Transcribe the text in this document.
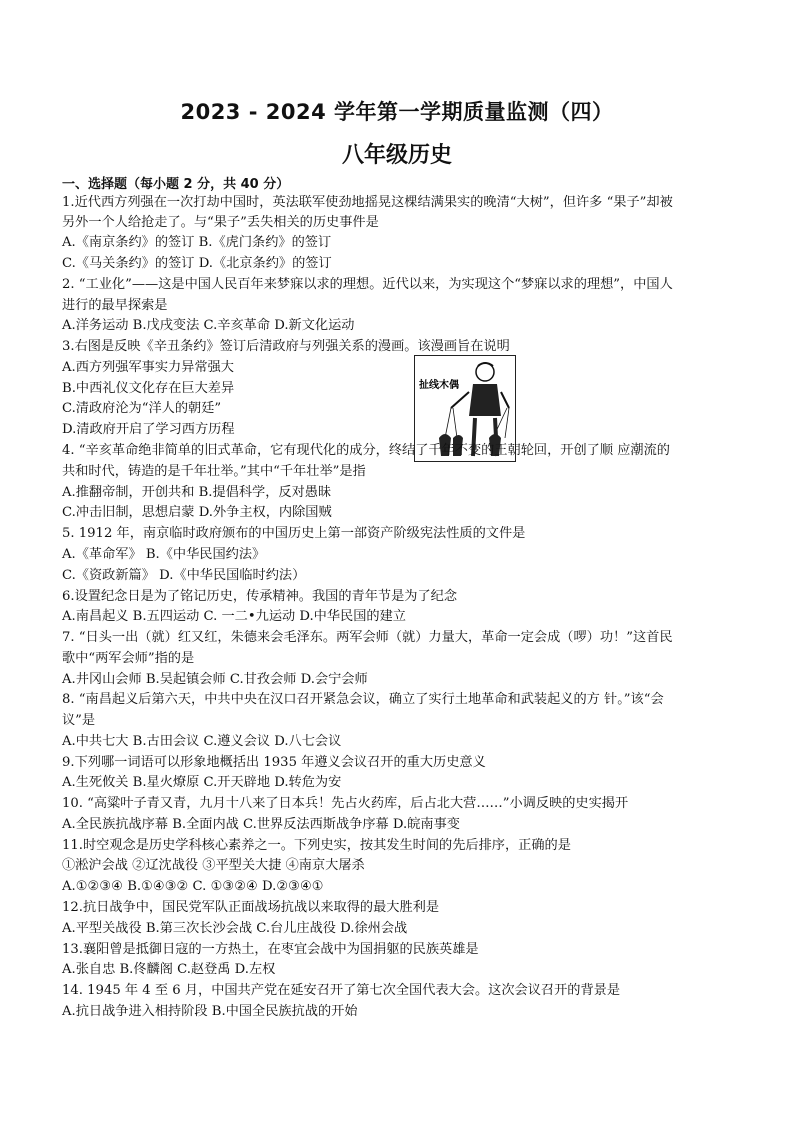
2023 - 2024 学年第一学期质量监测（四）
八年级历史
一、选择题（每小题 2 分，共 40 分）
1.近代西方列强在一次打劫中国时，英法联军使劲地摇晃这棵结满果实的晚清“大树”，但许多 “果子”却被
另外一个人给抢走了。与“果子”丢失相关的历史事件是
A.《南京条约》的签订 B.《虎门条约》的签订
C.《马关条约》的签订 D.《北京条约》的签订
2. “工业化”——这是中国人民百年来梦寐以求的理想。近代以来，为实现这个“梦寐以求的理想”，中国人
进行的最早探索是
A.洋务运动 B.戊戌变法 C.辛亥革命 D.新文化运动
3.右图是反映《辛丑条约》签订后清政府与列强关系的漫画。该漫画旨在说明
A.西方列强军事实力异常强大
B.中西礼仪文化存在巨大差异
C.清政府沦为“洋人的朝廷”
D.清政府开启了学习西方历程
扯线木偶
4. “辛亥革命绝非简单的旧式革命，它有现代化的成分，终结了千年不变的王朝轮回，开创了顺 应潮流的
共和时代，铸造的是千年壮举。”其中“千年壮举”是指
A.推翻帝制，开创共和 B.提倡科学，反对愚昧
C.冲击旧制，思想启蒙 D.外争主权，内除国贼
5. 1912 年，南京临时政府颁布的中国历史上第一部资产阶级宪法性质的文件是
A.《革命军》 B.《中华民国约法》
C.《资政新篇》 D.《中华民国临时约法）
6.设置纪念日是为了铭记历史，传承精神。我国的青年节是为了纪念
A.南昌起义 B.五四运动 C. 一二•九运动 D.中华民国的建立
7. “日头一出（就）红又红，朱德来会毛泽东。两军会师（就）力量大，革命一定会成（啰）功！”这首民
歌中“两军会师”指的是
A.井冈山会师 B.吴起镇会师 C.甘孜会师 D.会宁会师
8. “南昌起义后第六天，中共中央在汉口召开紧急会议，确立了实行土地革命和武装起义的方 针。”该“会
议”是
A.中共七大 B.古田会议 C.遵义会议 D.八七会议
9.下列哪一词语可以形象地概括出 1935 年遵义会议召开的重大历史意义
A.生死攸关 B.星火燎原 C.开天辟地 D.转危为安
10. “高粱叶子青又青，九月十八来了日本兵！先占火药库，后占北大营……”小调反映的史实揭开
A.全民族抗战序幕 B.全面内战 C.世界反法西斯战争序幕 D.皖南事变
11.时空观念是历史学科核心素养之一。下列史实，按其发生时间的先后排序，正确的是
①淞沪会战 ②辽沈战役 ③平型关大捷 ④南京大屠杀
A.①②③④ B.①④③② C. ①③②④ D.②③④①
12.抗日战争中，国民党军队正面战场抗战以来取得的最大胜利是
A.平型关战役 B.第三次长沙会战 C.台儿庄战役 D.徐州会战
13.襄阳曾是抵御日寇的一方热土，在枣宜会战中为国捐躯的民族英雄是
A.张自忠 B.佟麟阁 C.赵登禹 D.左权
14. 1945 年 4 至 6 月，中国共产党在延安召开了第七次全国代表大会。这次会议召开的背景是
A.抗日战争进入相持阶段 B.中国全民族抗战的开始
